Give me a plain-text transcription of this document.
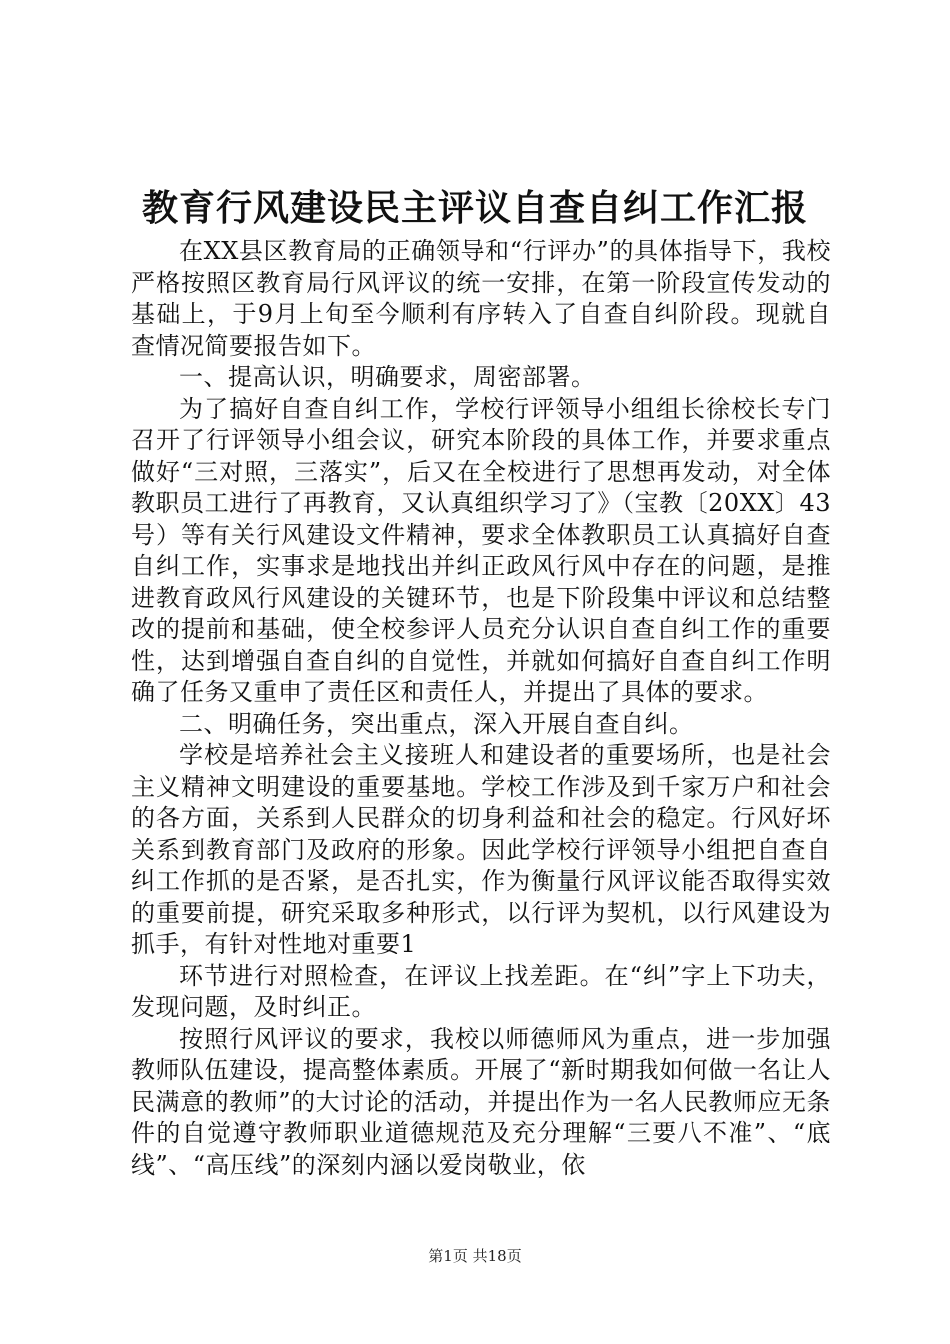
教育行风建设民主评议自查自纠工作汇报

在XX县区教育局的正确领导和“行评办”的具体指导下，我校严格按照区教育局行风评议的统一安排，在第一阶段宣传发动的基础上，于9月上旬至今顺利有序转入了自查自纠阶段。现就自查情况简要报告如下。

一、提高认识，明确要求，周密部署。

为了搞好自查自纠工作，学校行评领导小组组长徐校长专门召开了行评领导小组会议，研究本阶段的具体工作，并要求重点做好“三对照，三落实”，后又在全校进行了思想再发动，对全体教职员工进行了再教育，又认真组织学习了》（宝教〔20XX〕43号）等有关行风建设文件精神，要求全体教职员工认真搞好自查自纠工作，实事求是地找出并纠正政风行风中存在的问题，是推进教育政风行风建设的关键环节，也是下阶段集中评议和总结整改的提前和基础，使全校参评人员充分认识自查自纠工作的重要性，达到增强自查自纠的自觉性，并就如何搞好自查自纠工作明确了任务又重申了责任区和责任人，并提出了具体的要求。

二、明确任务，突出重点，深入开展自查自纠。

学校是培养社会主义接班人和建设者的重要场所，也是社会主义精神文明建设的重要基地。学校工作涉及到千家万户和社会的各方面，关系到人民群众的切身利益和社会的稳定。行风好坏关系到教育部门及政府的形象。因此学校行评领导小组把自查自纠工作抓的是否紧，是否扎实，作为衡量行风评议能否取得实效的重要前提，研究采取多种形式，以行评为契机，以行风建设为抓手，有针对性地对重要1

环节进行对照检查，在评议上找差距。在“纠”字上下功夫，发现问题，及时纠正。

按照行风评议的要求，我校以师德师风为重点，进一步加强教师队伍建设，提高整体素质。开展了“新时期我如何做一名让人民满意的教师”的大讨论的活动，并提出作为一名人民教师应无条件的自觉遵守教师职业道德规范及充分理解“三要八不准”、“底线”、“高压线”的深刻内涵以爱岗敬业，依

第1页 共18页
